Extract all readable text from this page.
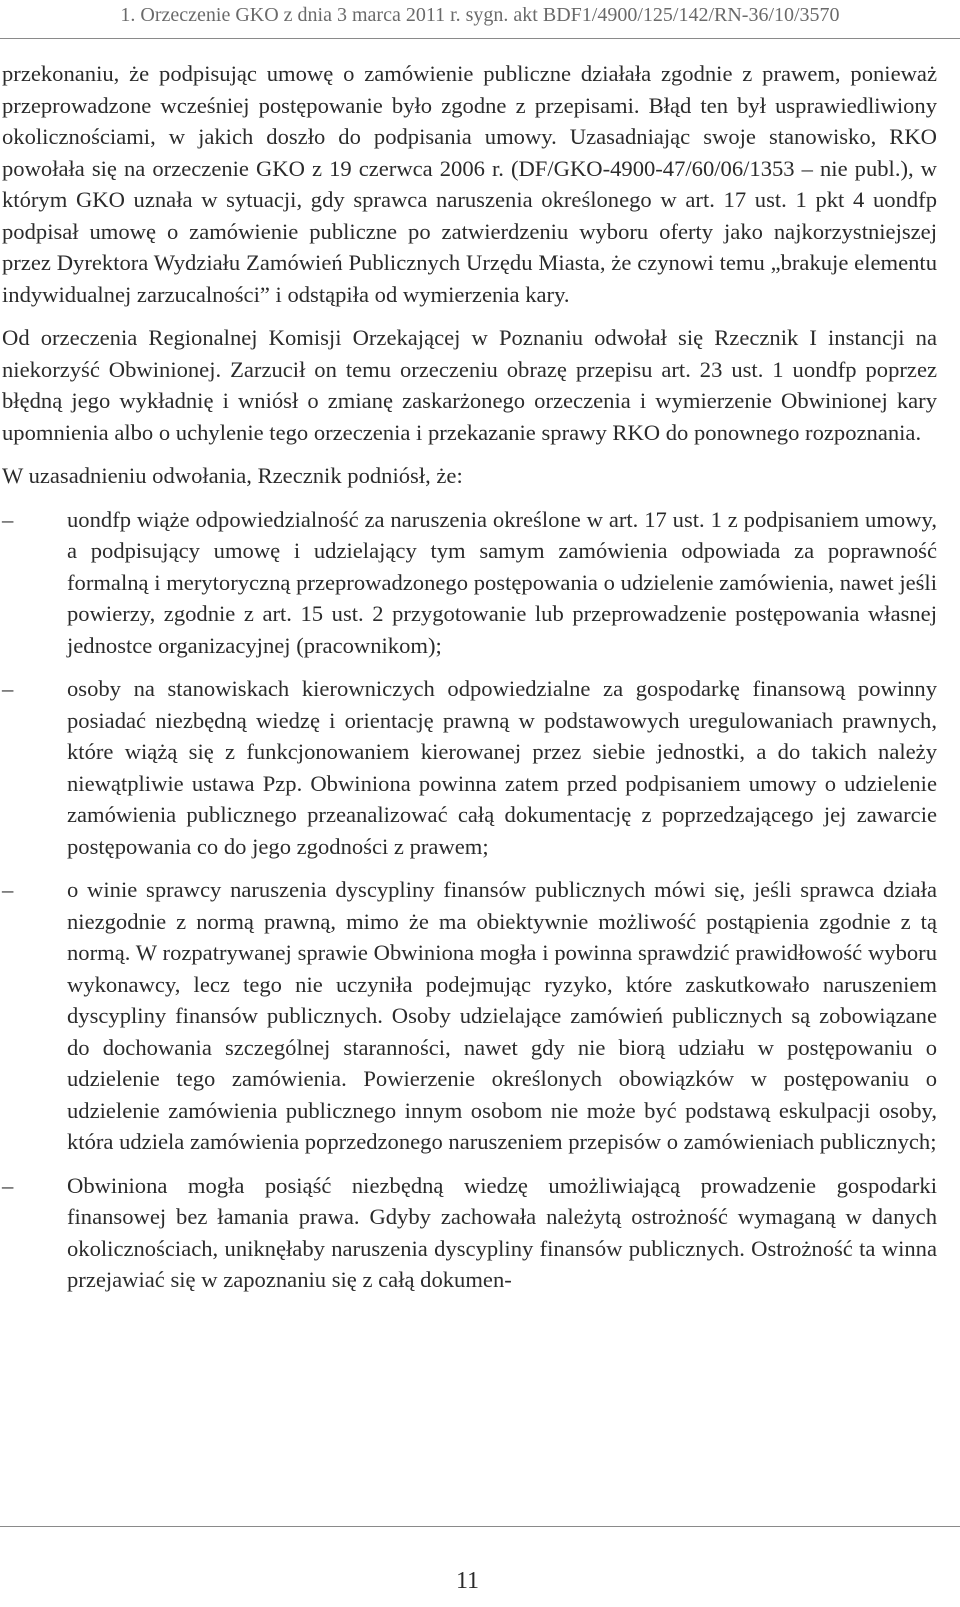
1. Orzeczenie GKO z dnia 3 marca 2011 r. sygn. akt BDF1/4900/125/142/RN-36/10/3570

przekonaniu, że podpisując umowę o zamówienie publiczne działała zgodnie z prawem, ponieważ przeprowadzone wcześniej postępowanie było zgodne z przepisami. Błąd ten był usprawiedliwiony okolicznościami, w jakich doszło do podpisania umowy. Uzasadniając swoje stanowisko, RKO powołała się na orzeczenie GKO z 19 czerwca 2006 r. (DF/GKO-4900-47/60/06/1353 – nie publ.), w którym GKO uznała w sytuacji, gdy sprawca naruszenia określonego w art. 17 ust. 1 pkt 4 uondfp podpisał umowę o zamówienie publiczne po zatwierdzeniu wyboru oferty jako najkorzystniejszej przez Dyrektora Wydziału Zamówień Publicznych Urzędu Miasta, że czynowi temu „brakuje elementu indywidualnej zarzucalności” i odstąpiła od wymierzenia kary.

Od orzeczenia Regionalnej Komisji Orzekającej w Poznaniu odwołał się Rzecznik I instancji na niekorzyść Obwinionej. Zarzucił on temu orzeczeniu obrazę przepisu art. 23 ust. 1 uondfp poprzez błędną jego wykładnię i wniósł o zmianę zaskarżonego orzeczenia i wymierzenie Obwinionej kary upomnienia albo o uchylenie tego orzeczenia i przekazanie sprawy RKO do ponownego rozpoznania.

W uzasadnieniu odwołania, Rzecznik podniósł, że:

– uondfp wiąże odpowiedzialność za naruszenia określone w art. 17 ust. 1 z podpisaniem umowy, a podpisujący umowę i udzielający tym samym zamówienia odpowiada za poprawność formalną i merytoryczną przeprowadzonego postępowania o udzielenie zamówienia, nawet jeśli powierzy, zgodnie z art. 15 ust. 2 przygotowanie lub przeprowadzenie postępowania własnej jednostce organizacyjnej (pracownikom);
– osoby na stanowiskach kierowniczych odpowiedzialne za gospodarkę finansową powinny posiadać niezbędną wiedzę i orientację prawną w podstawowych uregulowaniach prawnych, które wiążą się z funkcjonowaniem kierowanej przez siebie jednostki, a do takich należy niewątpliwie ustawa Pzp. Obwiniona powinna zatem przed podpisaniem umowy o udzielenie zamówienia publicznego przeanalizować całą dokumentację z poprzedzającego jej zawarcie postępowania co do jego zgodności z prawem;
– o winie sprawcy naruszenia dyscypliny finansów publicznych mówi się, jeśli sprawca działa niezgodnie z normą prawną, mimo że ma obiektywnie możliwość postąpienia zgodnie z tą normą. W rozpatrywanej sprawie Obwiniona mogła i powinna sprawdzić prawidłowość wyboru wykonawcy, lecz tego nie uczyniła podejmując ryzyko, które zaskutkowało naruszeniem dyscypliny finansów publicznych. Osoby udzielające zamówień publicznych są zobowiązane do dochowania szczególnej staranności, nawet gdy nie biorą udziału w postępowaniu o udzielenie tego zamówienia. Powierzenie określonych obowiązków w postępowaniu o udzielenie zamówienia publicznego innym osobom nie może być podstawą eskulpacji osoby, która udziela zamówienia poprzedzonego naruszeniem przepisów o zamówieniach publicznych;
– Obwiniona mogła posiąść niezbędną wiedzę umożliwiającą prowadzenie gospodarki finansowej bez łamania prawa. Gdyby zachowała należytą ostrożność wymaganą w danych okolicznościach, uniknęłaby naruszenia dyscypliny finansów publicznych. Ostrożność ta winna przejawiać się w zapoznaniu się z całą dokumen-
11
